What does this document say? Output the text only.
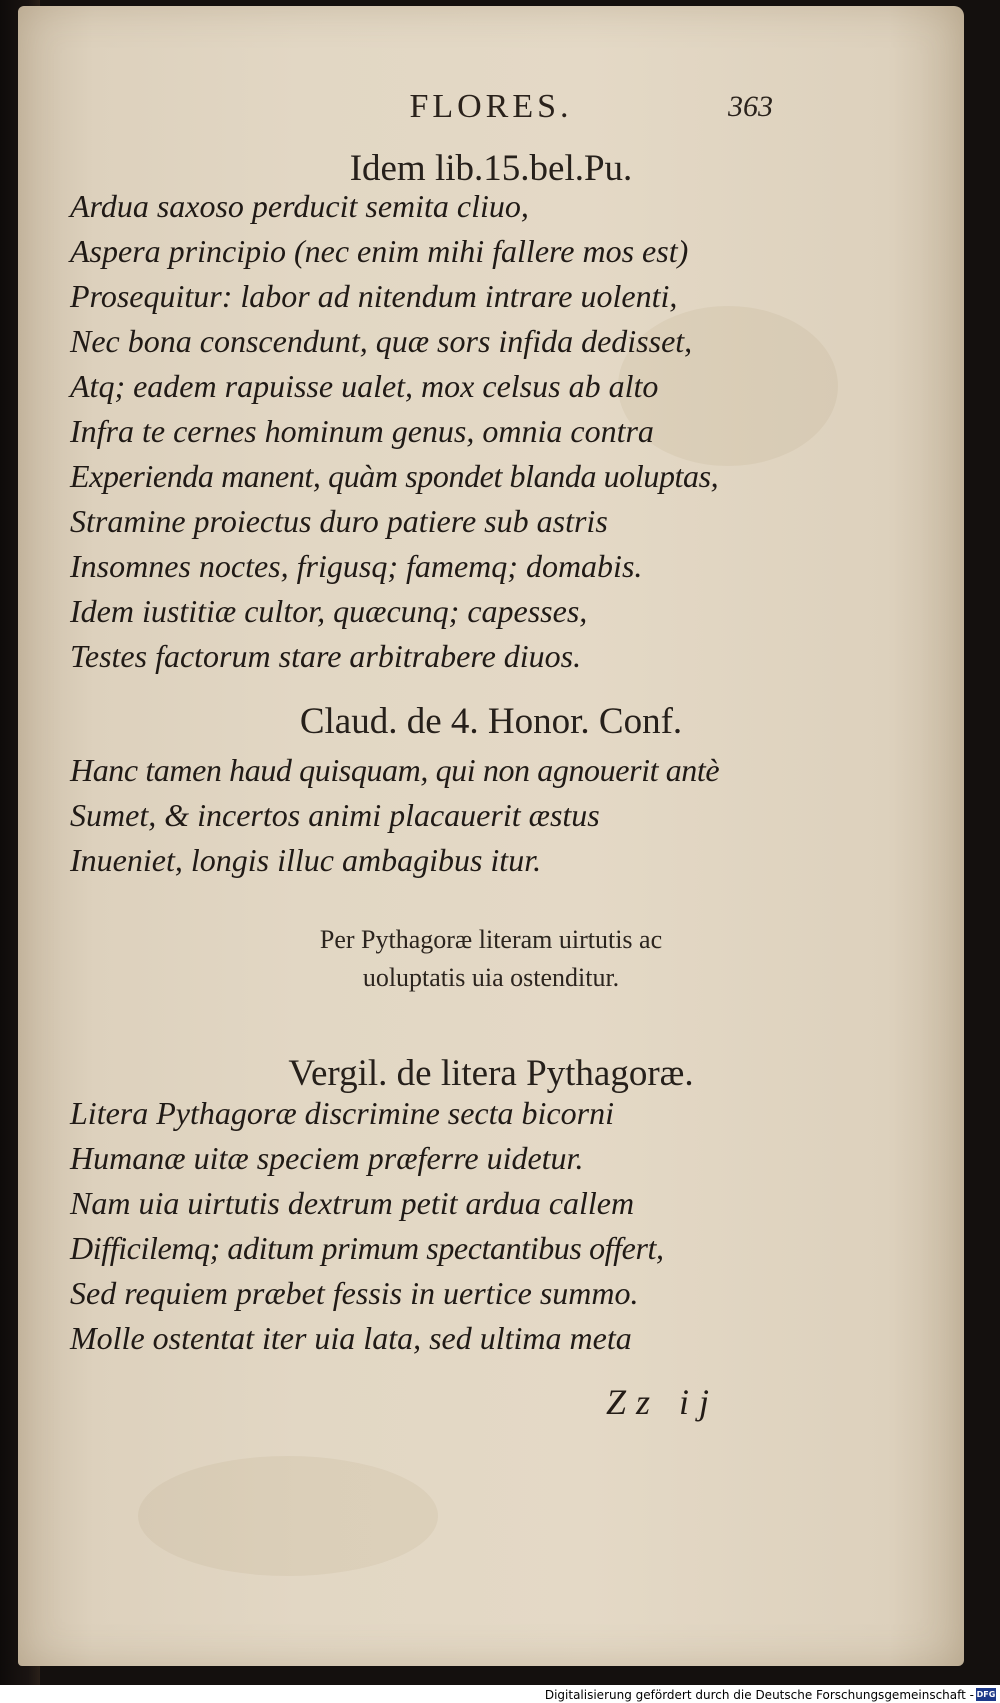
FLORES.	363
Idem lib.15.bel.Pu.
Ardua saxoso perducit semita cliuo,
Aspera principio (nec enim mihi fallere mos est)
Prosequitur: labor ad nitendum intrare uolenti,
Nec bona conscendunt, quæ sors infida dedisset,
Atq; eadem rapuisse ualet, mox celsus ab alto
Infra te cernes hominum genus, omnia contra
Experienda manent, quàm spondet blanda uoluptas,
Stramine proiectus duro patiere sub astris
Insomnes noctes, frigusq; famemq; domabis.
Idem iustitiæ cultor, quæcunq; capesses,
Testes factorum stare arbitrabere diuos.
Claud. de 4. Honor. Conf.
Hanc tamen haud quisquam, qui non agnouerit antè
Sumet, & incertos animi placauerit æstus
Inueniet, longis illuc ambagibus itur.
Per Pythagoræ literam uirtutis ac
uoluptatis uia ostenditur.
Vergil. de litera Pythagoræ.
Litera Pythagoræ discrimine secta bicorni
Humanæ uitæ speciem præferre uidetur.
Nam uia uirtutis dextrum petit ardua callem
Difficilemq; aditum primum spectantibus offert,
Sed requiem præbet fessis in uertice summo.
Molle ostentat iter uia lata, sed ultima meta
Zz ij
Digitalisierung gefördert durch die Deutsche Forschungsgemeinschaft - DFG
